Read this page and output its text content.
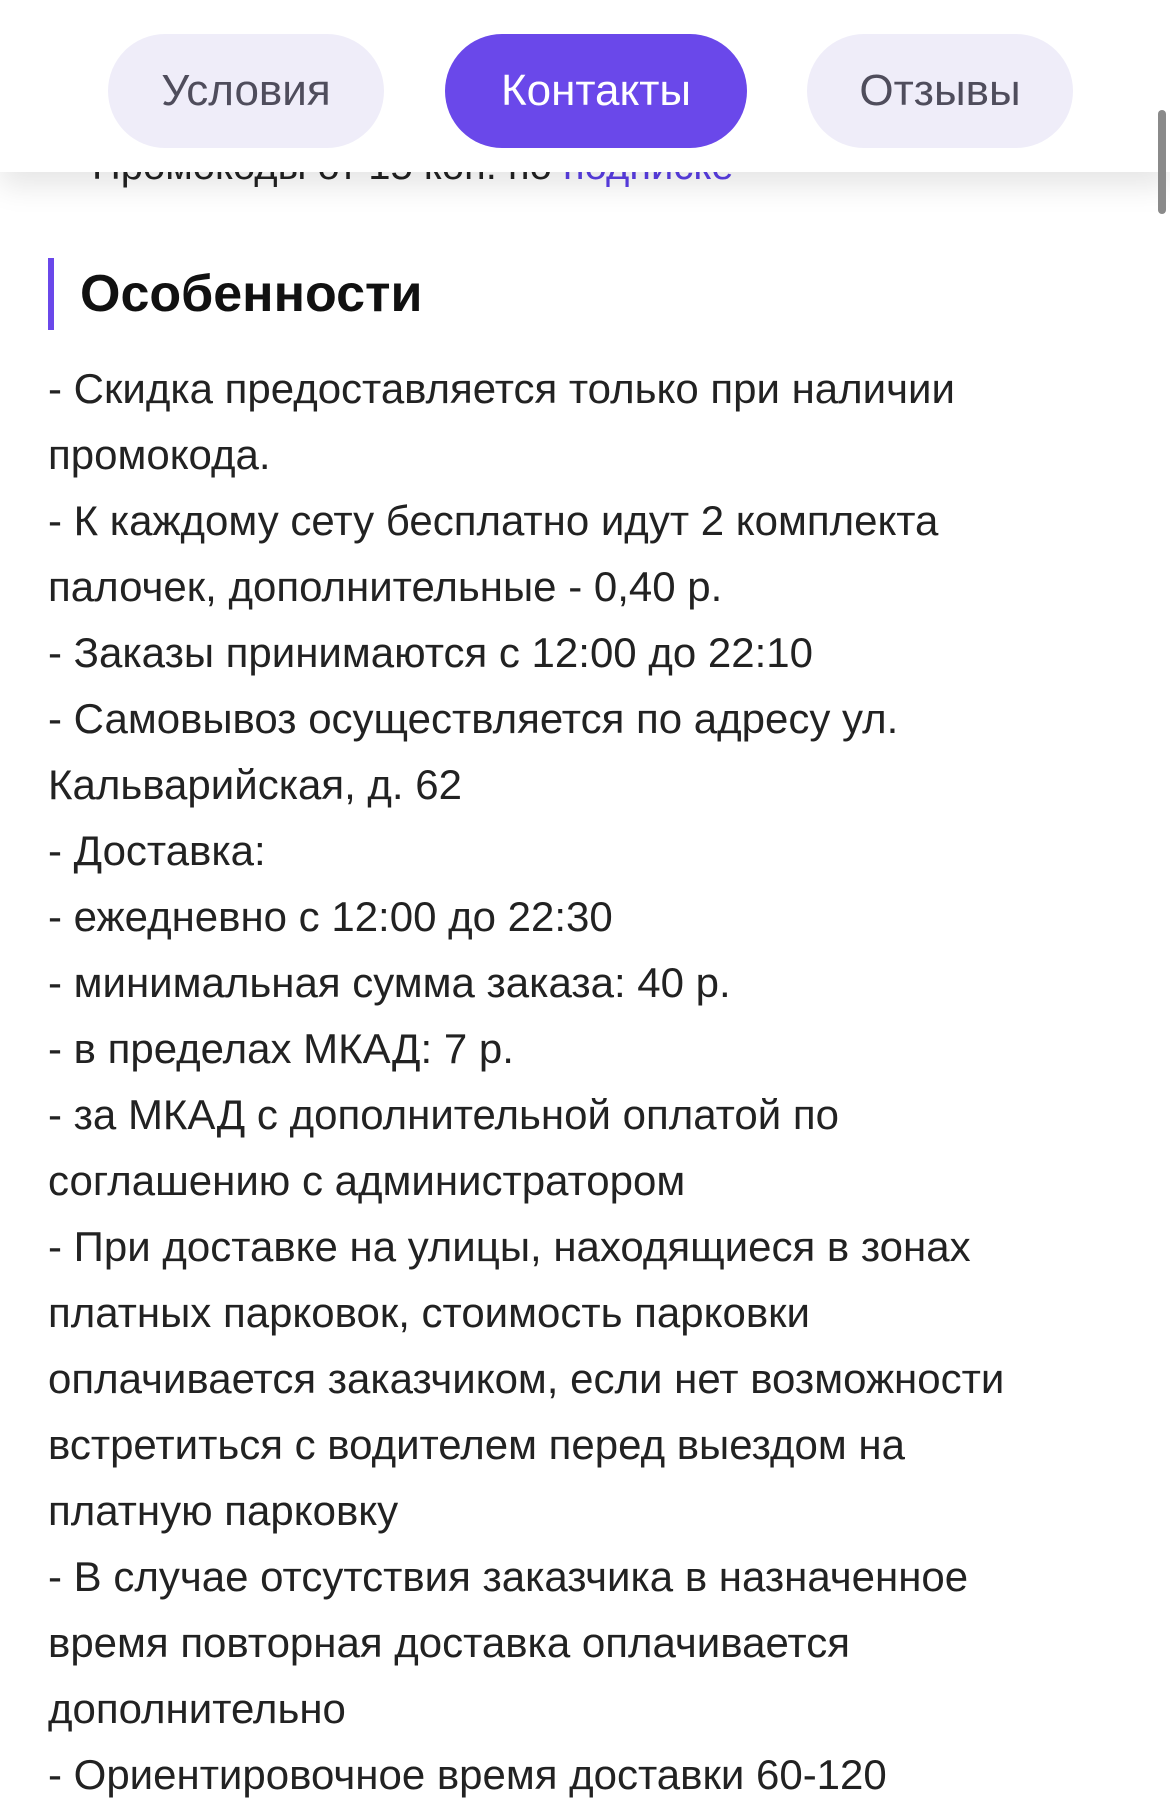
Условия	Контакты	Отзывы
Особенности
- Скидка предоставляется только при наличии
промокода.
- К каждому сету бесплатно идут 2 комплекта
палочек, дополнительные - 0,40 р.
- Заказы принимаются с 12:00 до 22:10
- Самовывоз осуществляется по адресу ул.
Кальварийская, д. 62
- Доставка:
- ежедневно с 12:00 до 22:30
- минимальная сумма заказа: 40 р.
- в пределах МКАД: 7 р.
- за МКАД с дополнительной оплатой по
соглашению с администратором
- При доставке на улицы, находящиеся в зонах
платных парковок, стоимость парковки
оплачивается заказчиком, если нет возможности
встретиться с водителем перед выездом на
платную парковку
- В случае отсутствия заказчика в назначенное
время повторная доставка оплачивается
дополнительно
- Ориентировочное время доставки 60-120
